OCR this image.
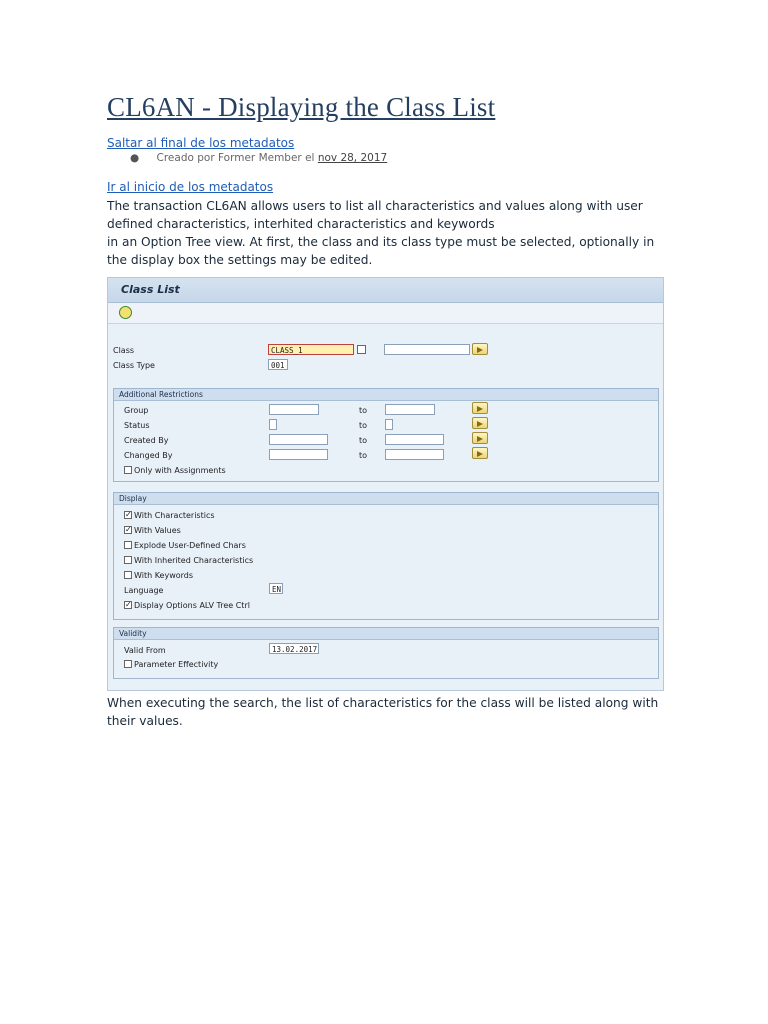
CL6AN - Displaying the Class List
Saltar al final de los metadatos
● Creado por Former Member el nov 28, 2017
Ir al inicio de los metadatos
The transaction CL6AN allows users to list all characteristics and values along with user defined characteristics, interhited characteristics and keywords
in an Option Tree view. At first, the class and its class type must be selected, optionally in the display box the settings may be edited.
Class List
Class	CLASS_1
Class Type	001
Additional Restrictions
Group	to
Status	to
Created By	to
Changed By	to
Only with Assignments
Display
✓ With Characteristics
✓ With Values
Explode User-Defined Chars
With Inherited Characteristics
With Keywords
Language	EN
✓ Display Options ALV Tree Ctrl
Validity
Valid From	13.02.2017
Parameter Effectivity
When executing the search, the list of characteristics for the class will be listed along with their values.
